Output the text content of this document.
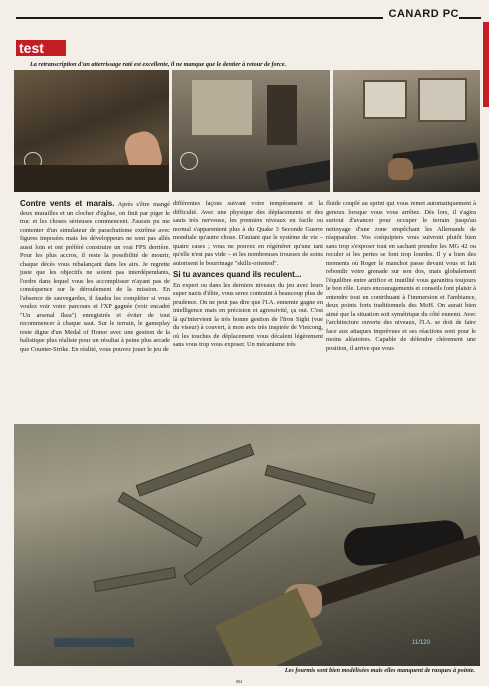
CANARD PC
test
La retranscription d'un atterrissage raté est excellente, il ne manque que le dentier à retour de force.

Contre vents et marais. Après s'être mangé deux murailles et un clocher d'église, on finit par piger le truc et les choses sérieuses commencent. J'aurais pu me contenter d'un simulateur de parachutisme extrême avec figures imposées mais les développeurs ne sont pas allés aussi loin et ont préféré construire un vrai FPS derrière. Pour les plus accros, il reste la possibilité de mourir, chaque décès vous rebalançant dans les airs. Je regrette juste que les objectifs ne soient pas interdépendants, l'ordre dans lequel vous les accomplisser n'ayant pas de conséquence sur le déroulement de la mission. En l'absence de sauvegardes, il faudra les compléter si vous voulez voir votre parcours et l'XP gagnée (voir encadré "Un arsenal Ikea") enregistrés et éviter de tout recommencer à chaque saut. Sur le terrain, le gameplay reste digne d'un Medal of Honor avec une gestion de la balistique plus réaliste pour un résultat à peine plus arcade que Counter-Strike. En réalité, vous pouvez jouer le jeu de

différentes façons suivant votre tempérament et la difficulté. Avec une physique des déplacements et des sauts très nerveuse, les premiers niveaux en facile ou normal s'apparentent plus à du Quake 3 Seconde Guerre mondiale qu'autre chose. D'autant que le système de vie – quatre cases ; vous ne pouvez en régénérer qu'une tant qu'elle n'est pas vide – et les nombreuses trousses de soins autorisent le bourrinage "skillz-oriented".

Si tu avances quand ils reculent...

En expert ou dans les derniers niveaux du jeu avec leurs super nazis d'élite, vous serez contraint à beaucoup plus de prudence. On ne peut pas dire que l'I.A. ennemie gagne en intelligence mais en précision et agressivité, ça oui. C'est là qu'intervient la très bonne gestion de l'Iron Sight (vue du viseur) à couvert, à mon avis très inspirée de Vietcong, où les touches de déplacement vous décalent légèrement sans vous trop vous exposer. Un mécanisme très

fluide couplé au sprint qui vous remet automatiquement à genoux lorsque vous vous arrêtez. Dès lors, il s'agira surtout d'avancer pour occuper le terrain jusqu'au nettoyage d'une zone empêchant les Allemands de réapparaître. Vos coéquipiers vous suivront plutôt bien sans trop s'exposer tout en sachant prendre les MG 42 ou reculer si les pertes se font trop lourdes. Il y a bien des moments où Roger le manchot passe devant vous et fait rebondir votre grenade sur son dos, mais globalement l'équilibre entre artifice et inutilité vous garantira toujours le bon rôle. Leurs encouragements et conseils font plaisir à entendre tout en contribuant à l'immersion et l'ambiance, deux points forts traditionnels des MoH. On aurait bien aimé que la situation soit symétrique du côté ennemi. Avec l'architecture ouverte des niveaux, l'I.A. se doit de faire face aux attaques imprévues et ses réactions sont pour le moins aléatoires. Capable de défendre chèrement une position, il arrive que vous

11/120
Les fourmis sont bien modélisées mais elles manquent de rasques à pointe.
084
